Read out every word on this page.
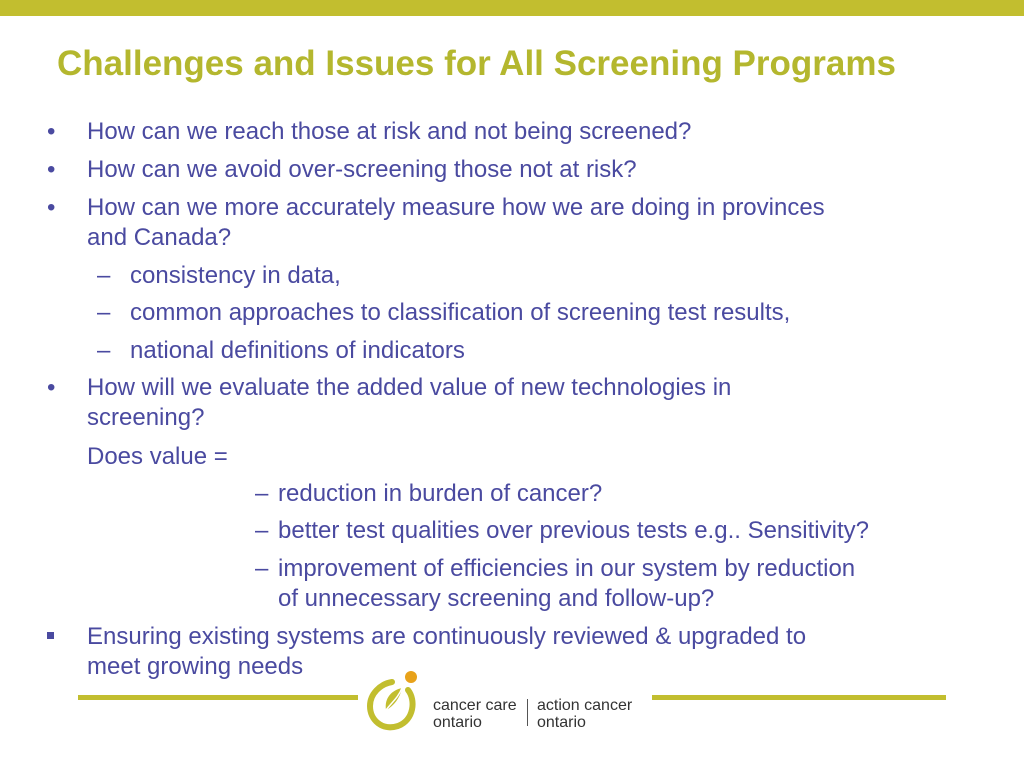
Challenges and Issues for All Screening Programs
• How can we reach those at risk and not being screened?
• How can we avoid over-screening those not at risk?
• How can we more accurately measure how we are doing in provinces
and Canada?
– consistency in data,
– common approaches to classification of screening test results,
– national definitions of indicators
• How will we evaluate the added value of new technologies in
screening?
Does value =
– reduction in burden of cancer?
– better test qualities over previous tests e.g.. Sensitivity?
– improvement of efficiencies in our system by reduction
of unnecessary screening and follow-up?
Ensuring existing systems are continuously reviewed & upgraded to
meet growing needs
cancer care
ontario
action cancer
ontario
